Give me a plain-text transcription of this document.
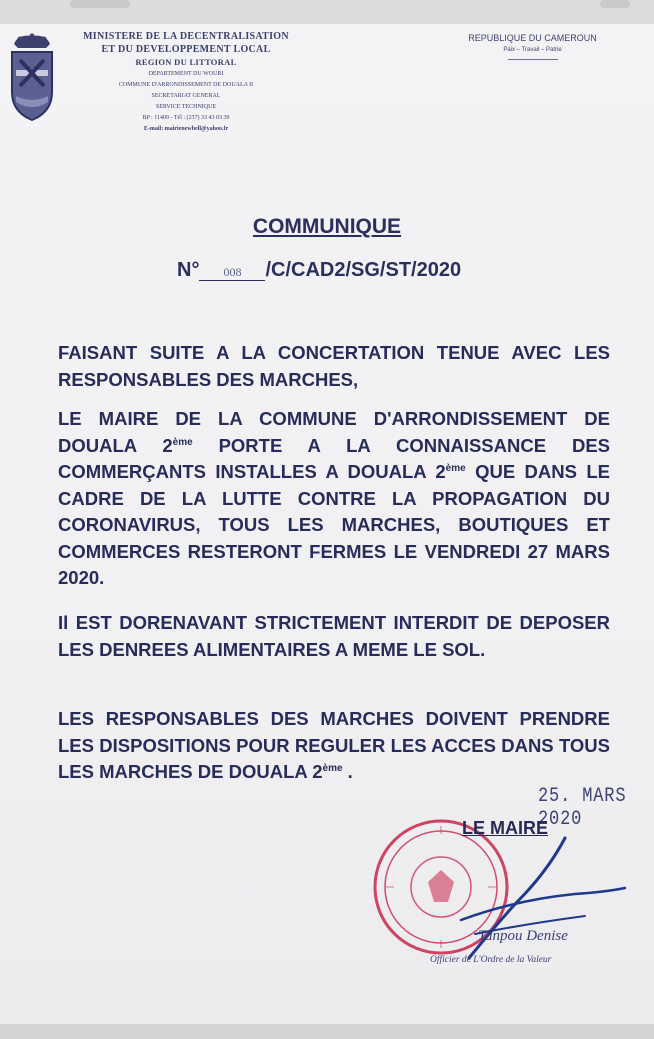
MINISTERE DE LA DECENTRALISATION
ET DU DEVELOPPEMENT LOCAL
REGION DU LITTORAL
DEPARTEMENT DU WOURI
COMMUNE D'ARRONDISSEMENT DE DOUALA II
SECRETARIAT GENERAL
SERVICE TECHNIQUE
BP : 11409 - Tél : (237) 33 43 03 39
E-mail: mairienewbell@yahoo.fr
REPUBLIQUE DU CAMEROUN
Paix – Travail – Patrie
COMMUNIQUE
N° 008 /C/CAD2/SG/ST/2020
FAISANT SUITE A LA CONCERTATION TENUE AVEC LES RESPONSABLES DES MARCHES,
LE MAIRE DE LA COMMUNE D'ARRONDISSEMENT DE DOUALA 2ème PORTE A LA CONNAISSANCE DES COMMERÇANTS INSTALLES A DOUALA 2ème QUE DANS LE CADRE DE LA LUTTE CONTRE LA PROPAGATION DU CORONAVIRUS, TOUS LES MARCHES, BOUTIQUES ET COMMERCES RESTERONT FERMES LE VENDREDI 27 MARS 2020.
Il EST DORENAVANT STRICTEMENT INTERDIT DE DEPOSER LES DENREES ALIMENTAIRES A MEME LE SOL.
LES RESPONSABLES DES MARCHES DOIVENT PRENDRE LES DISPOSITIONS POUR REGULER LES ACCES DANS TOUS LES MARCHES DE DOUALA 2ème .
25. MARS 2020
LE MAIRE
Tanpou Denise
Officier de L'Ordre de la Valeur
